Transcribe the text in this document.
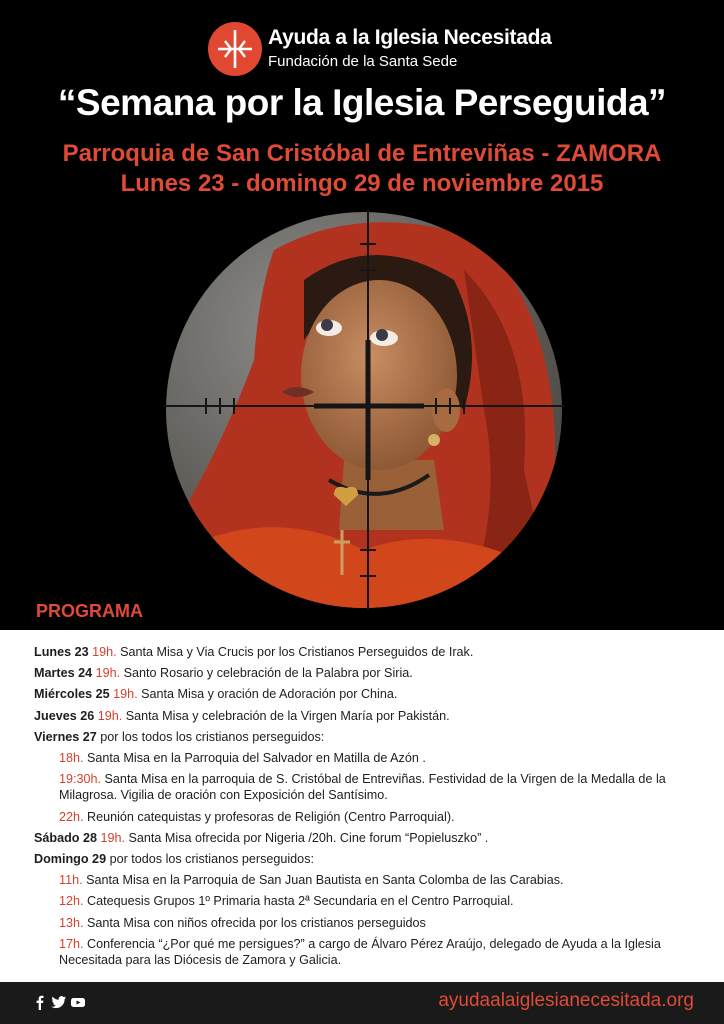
Ayuda a la Iglesia Necesitada
Fundación de la Santa Sede
“Semana por la Iglesia Perseguida”
Parroquia de San Cristóbal de Entreviñas - ZAMORA
Lunes 23 - domingo 29 de noviembre 2015
PROGRAMA
Lunes 23 19h. Santa Misa y Via Crucis por los Cristianos Perseguidos de Irak.
Martes 24 19h. Santo Rosario y celebración de la Palabra por Siria.
Miércoles 25 19h. Santa Misa y oración de Adoración por China.
Jueves 26 19h. Santa Misa y celebración de la Virgen María por Pakistán.
Viernes 27 por los todos los cristianos perseguidos:
18h. Santa Misa en la Parroquia del Salvador en Matilla de Azón .
19:30h. Santa Misa en la parroquia de S. Cristóbal de Entreviñas. Festividad de la Virgen de la Medalla de la Milagrosa. Vigilia de oración con Exposición del Santísimo.
22h. Reunión catequistas y profesoras de Religión (Centro Parroquial).
Sábado 28 19h. Santa Misa ofrecida por Nigeria /20h. Cine forum “Popieluszko” .
Domingo 29 por todos los cristianos perseguidos:
11h. Santa Misa en la Parroquia de San Juan Bautista en Santa Colomba de las Carabias.
12h. Catequesis Grupos 1º Primaria hasta 2ª Secundaria en el Centro Parroquial.
13h. Santa Misa con niños ofrecida por los cristianos perseguidos
17h. Conferencia “¿Por qué me persigues?” a cargo de Álvaro Pérez Araújo, delegado de Ayuda a la Iglesia Necesitada para las Diócesis de Zamora y Galicia.
ayudaalaiglesianecesitada.org
